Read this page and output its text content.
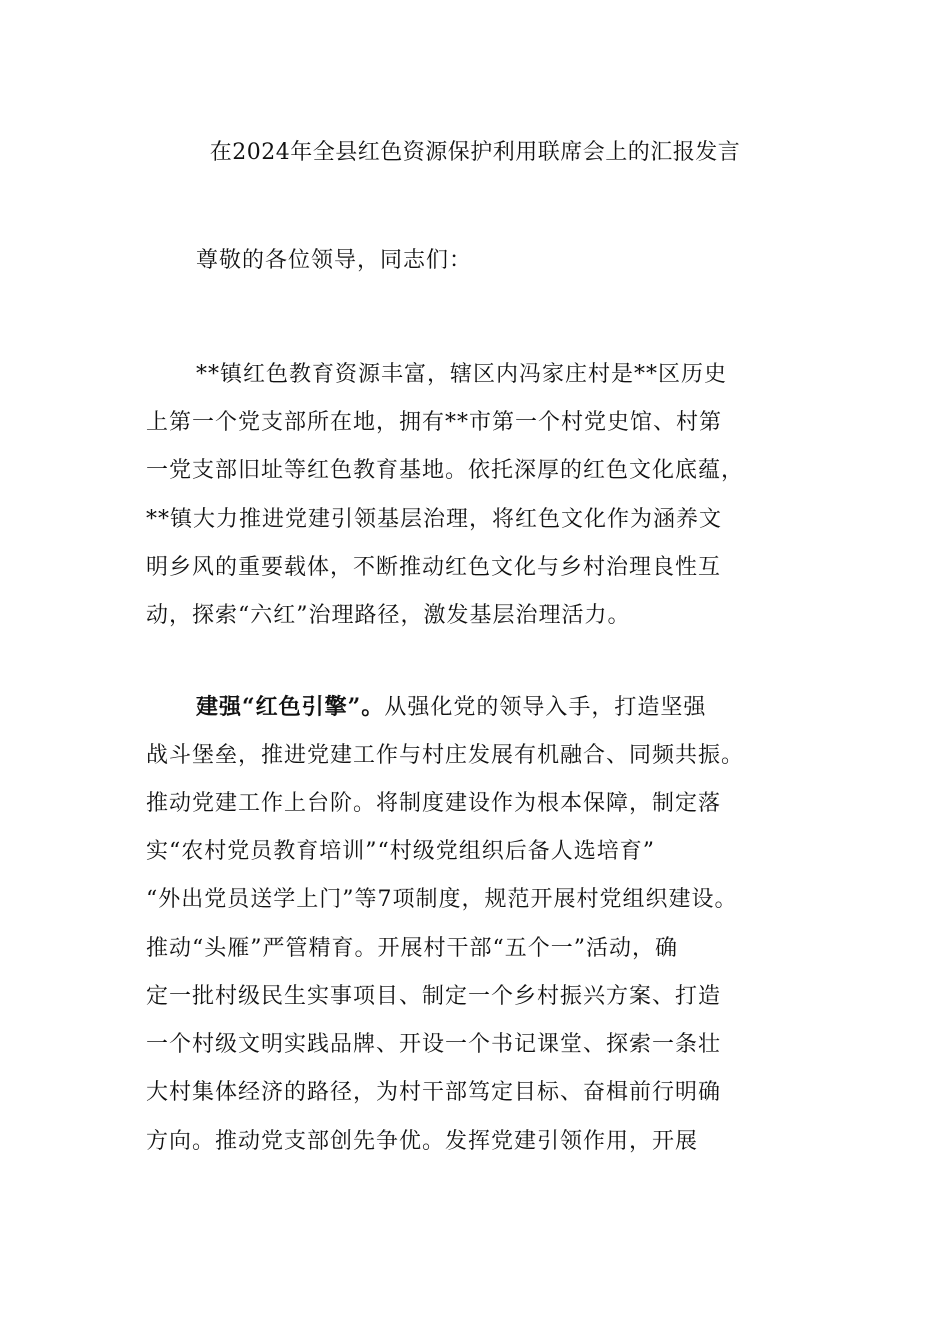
在2024年全县红色资源保护利用联席会上的汇报发言
尊敬的各位领导，同志们：
**镇红色教育资源丰富，辖区内冯家庄村是**区历史
上第一个党支部所在地，拥有**市第一个村党史馆、村第
一党支部旧址等红色教育基地。依托深厚的红色文化底蕴，
**镇大力推进党建引领基层治理，将红色文化作为涵养文
明乡风的重要载体，不断推动红色文化与乡村治理良性互
动，探索“六红”治理路径，激发基层治理活力。
建强“红色引擎”。从强化党的领导入手，打造坚强
战斗堡垒，推进党建工作与村庄发展有机融合、同频共振。
推动党建工作上台阶。将制度建设作为根本保障，制定落
实“农村党员教育培训”“村级党组织后备人选培育”
“外出党员送学上门”等7项制度，规范开展村党组织建设。
推动“头雁”严管精育。开展村干部“五个一”活动，确
定一批村级民生实事项目、制定一个乡村振兴方案、打造
一个村级文明实践品牌、开设一个书记课堂、探索一条壮
大村集体经济的路径，为村干部笃定目标、奋楫前行明确
方向。推动党支部创先争优。发挥党建引领作用，开展
